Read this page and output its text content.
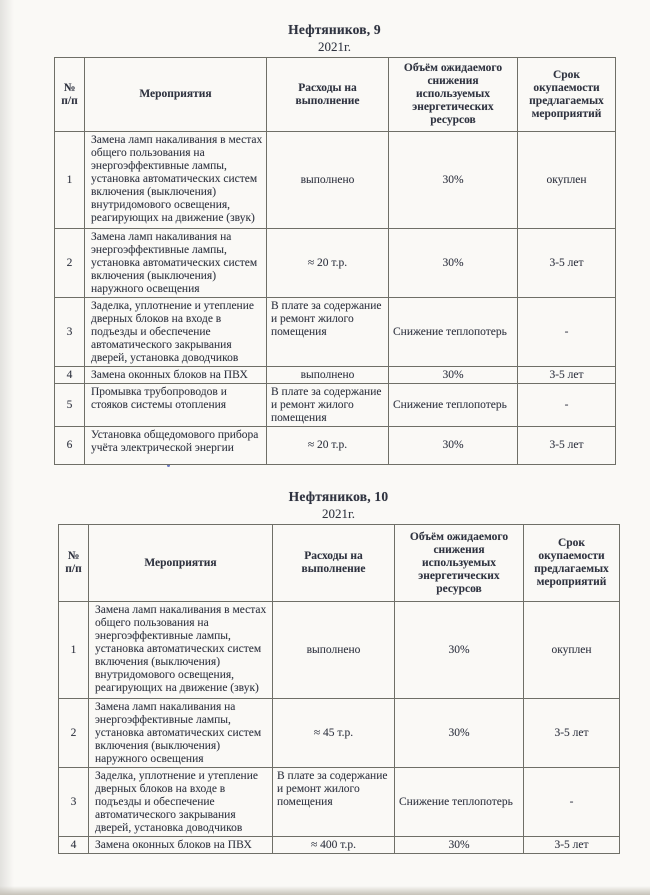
Нефтяников, 9
2021г.
№ п/п	Мероприятия	Расходы на выполнение	Объём ожидаемого снижения используемых энергетических ресурсов	Срок окупаемости предлагаемых мероприятий
1	Замена ламп накаливания в местах общего пользования на энергоэффективные лампы, установка автоматических систем включения (выключения) внутридомового освещения, реагирующих на движение (звук)	выполнено	30%	окуплен
2	Замена ламп накаливания на энергоэффективные лампы, установка автоматических систем включения (выключения) наружного освещения	≈ 20 т.р.	30%	3-5 лет
3	Заделка, уплотнение и утепление дверных блоков на входе в подъезды и обеспечение автоматического закрывания дверей, установка доводчиков	В плате за содержание и ремонт жилого помещения	Снижение теплопотерь	-
4	Замена оконных блоков на ПВХ	выполнено	30%	3-5 лет
5	Промывка трубопроводов и стояков системы отопления	В плате за содержание и ремонт жилого помещения	Снижение теплопотерь	-
6	Установка общедомового прибора учёта электрической энергии	≈ 20 т.р.	30%	3-5 лет
Нефтяников, 10
2021г.
№ п/п	Мероприятия	Расходы на выполнение	Объём ожидаемого снижения используемых энергетических ресурсов	Срок окупаемости предлагаемых мероприятий
1	Замена ламп накаливания в местах общего пользования на энергоэффективные лампы, установка автоматических систем включения (выключения) внутридомового освещения, реагирующих на движение (звук)	выполнено	30%	окуплен
2	Замена ламп накаливания на энергоэффективные лампы, установка автоматических систем включения (выключения) наружного освещения	≈ 45 т.р.	30%	3-5 лет
3	Заделка, уплотнение и утепление дверных блоков на входе в подъезды и обеспечение автоматического закрывания дверей, установка доводчиков	В плате за содержание и ремонт жилого помещения	Снижение теплопотерь	-
4	Замена оконных блоков на ПВХ	≈ 400 т.р.	30%	3-5 лет
